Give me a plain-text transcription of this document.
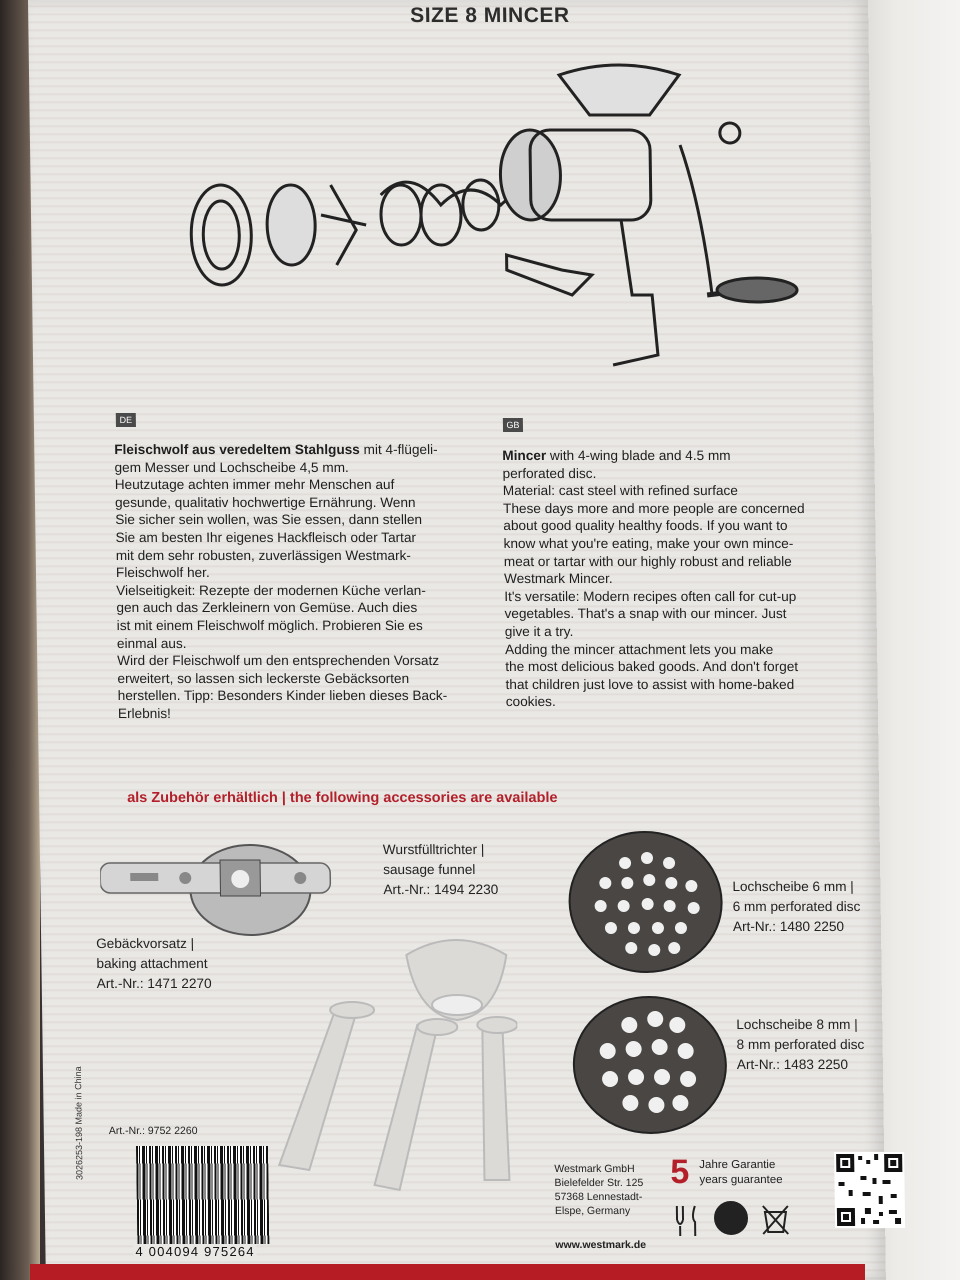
SIZE 8 MINCER
DE
Fleischwolf aus veredeltem Stahlguss mit 4-flügeli-
gem Messer und Lochscheibe 4,5 mm.
Heutzutage achten immer mehr Menschen auf
gesunde, qualitativ hochwertige Ernährung. Wenn
Sie sicher sein wollen, was Sie essen, dann stellen
Sie am besten Ihr eigenes Hackfleisch oder Tartar
mit dem sehr robusten, zuverlässigen Westmark-
Fleischwolf her.
Vielseitigkeit: Rezepte der modernen Küche verlan-
gen auch das Zerkleinern von Gemüse. Auch dies
ist mit einem Fleischwolf möglich. Probieren Sie es
einmal aus.
Wird der Fleischwolf um den entsprechenden Vorsatz
erweitert, so lassen sich leckerste Gebäcksorten
herstellen. Tipp: Besonders Kinder lieben dieses Back-
Erlebnis!
GB
Mincer with 4-wing blade and 4.5 mm
perforated disc.
Material: cast steel with refined surface
These days more and more people are concerned
about good quality healthy foods. If you want to
know what you're eating, make your own mince-
meat or tartar with our highly robust and reliable
Westmark Mincer.
It's versatile: Modern recipes often call for cut-up
vegetables. That's a snap with our mincer. Just
give it a try.
Adding the mincer attachment lets you make
the most delicious baked goods. And don't forget
that children just love to assist with home-baked
cookies.
als Zubehör erhältlich | the following accessories are available
Gebäckvorsatz |
baking attachment
Art.-Nr.: 1471 2270
Wurstfülltrichter |
sausage funnel
Art.-Nr.: 1494 2230	Lochscheibe 6 mm |
6 mm perforated disc
Art-Nr.: 1480 2250
Lochscheibe 8 mm |
8 mm perforated disc
Art-Nr.: 1483 2250
Art.-Nr.: 9752 2260
4 004094 975264
3026253-198 Made in China	Westmark GmbH
Bielefelder Str. 125
57368 Lennestadt-
Elspe, Germany
www.westmark.de
5 Jahre Garantie
years guarantee
